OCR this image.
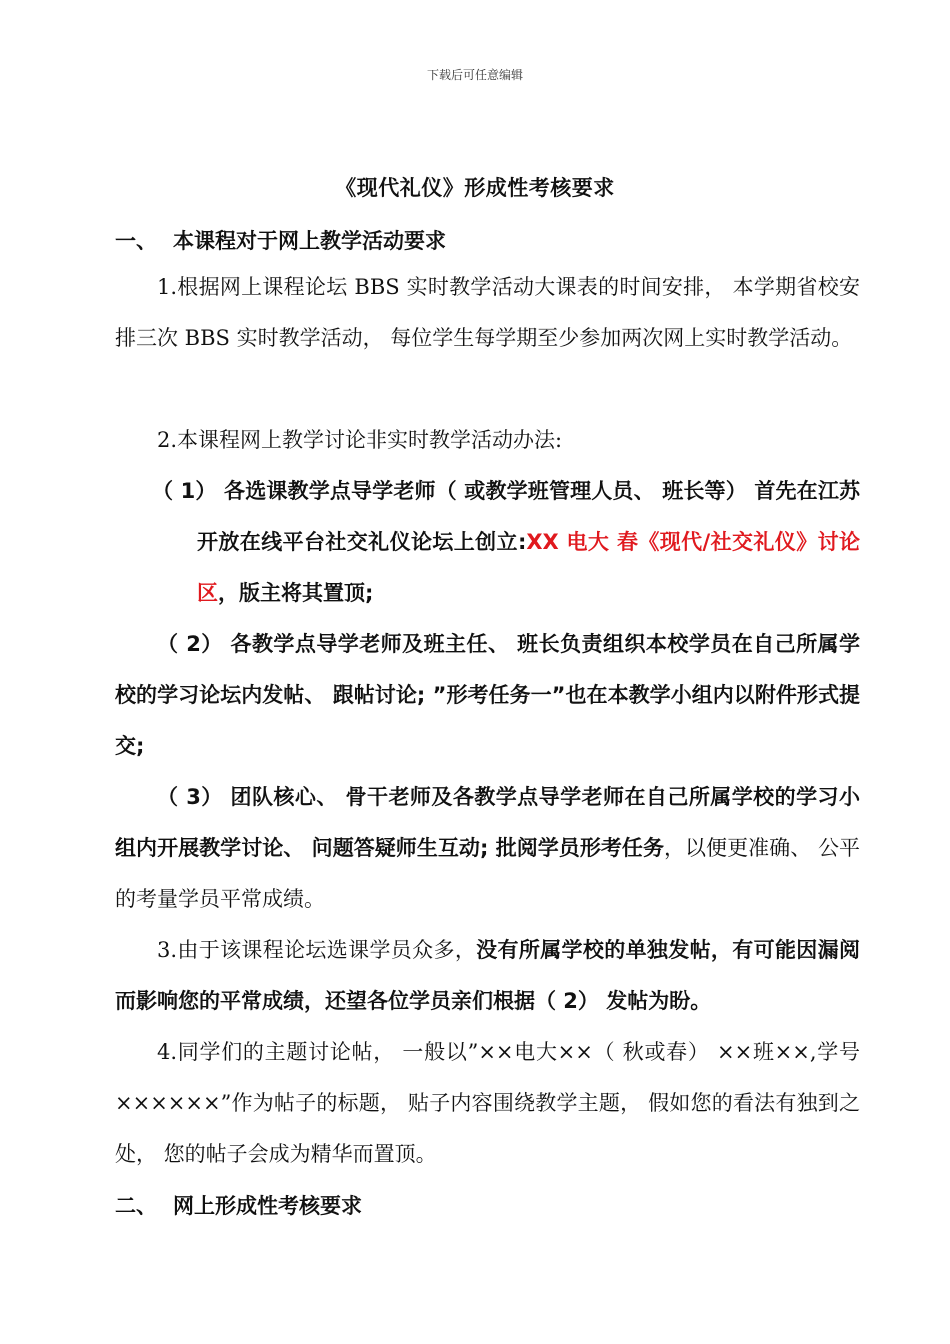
下载后可任意编辑
《现代礼仪》形成性考核要求
一、 本课程对于网上教学活动要求

1.根据网上课程论坛 BBS 实时教学活动大课表的时间安排， 本学期省校安排三次 BBS 实时教学活动， 每位学生每学期至少参加两次网上实时教学活动。

2.本课程网上教学讨论非实时教学活动办法:

（ 1） 各选课教学点导学老师（ 或教学班管理人员、 班长等） 首先在江苏开放在线平台社交礼仪论坛上创立:XX 电大 春《现代/社交礼仪》讨论区，版主将其置顶;

（ 2） 各教学点导学老师及班主任、 班长负责组织本校学员在自己所属学校的学习论坛内发帖、 跟帖讨论; ”形考任务一”也在本教学小组内以附件形式提交;

（ 3） 团队核心、 骨干老师及各教学点导学老师在自己所属学校的学习小组内开展教学讨论、 问题答疑师生互动; 批阅学员形考任务，以便更准确、 公平的考量学员平常成绩。

3.由于该课程论坛选课学员众多，没有所属学校的单独发帖，有可能因漏阅而影响您的平常成绩，还望各位学员亲们根据（ 2） 发帖为盼。

4.同学们的主题讨论帖， 一般以”××电大××（ 秋或春） ××班××,学号××××××”作为帖子的标题， 贴子内容围绕教学主题， 假如您的看法有独到之处， 您的帖子会成为精华而置顶。

二、 网上形成性考核要求
